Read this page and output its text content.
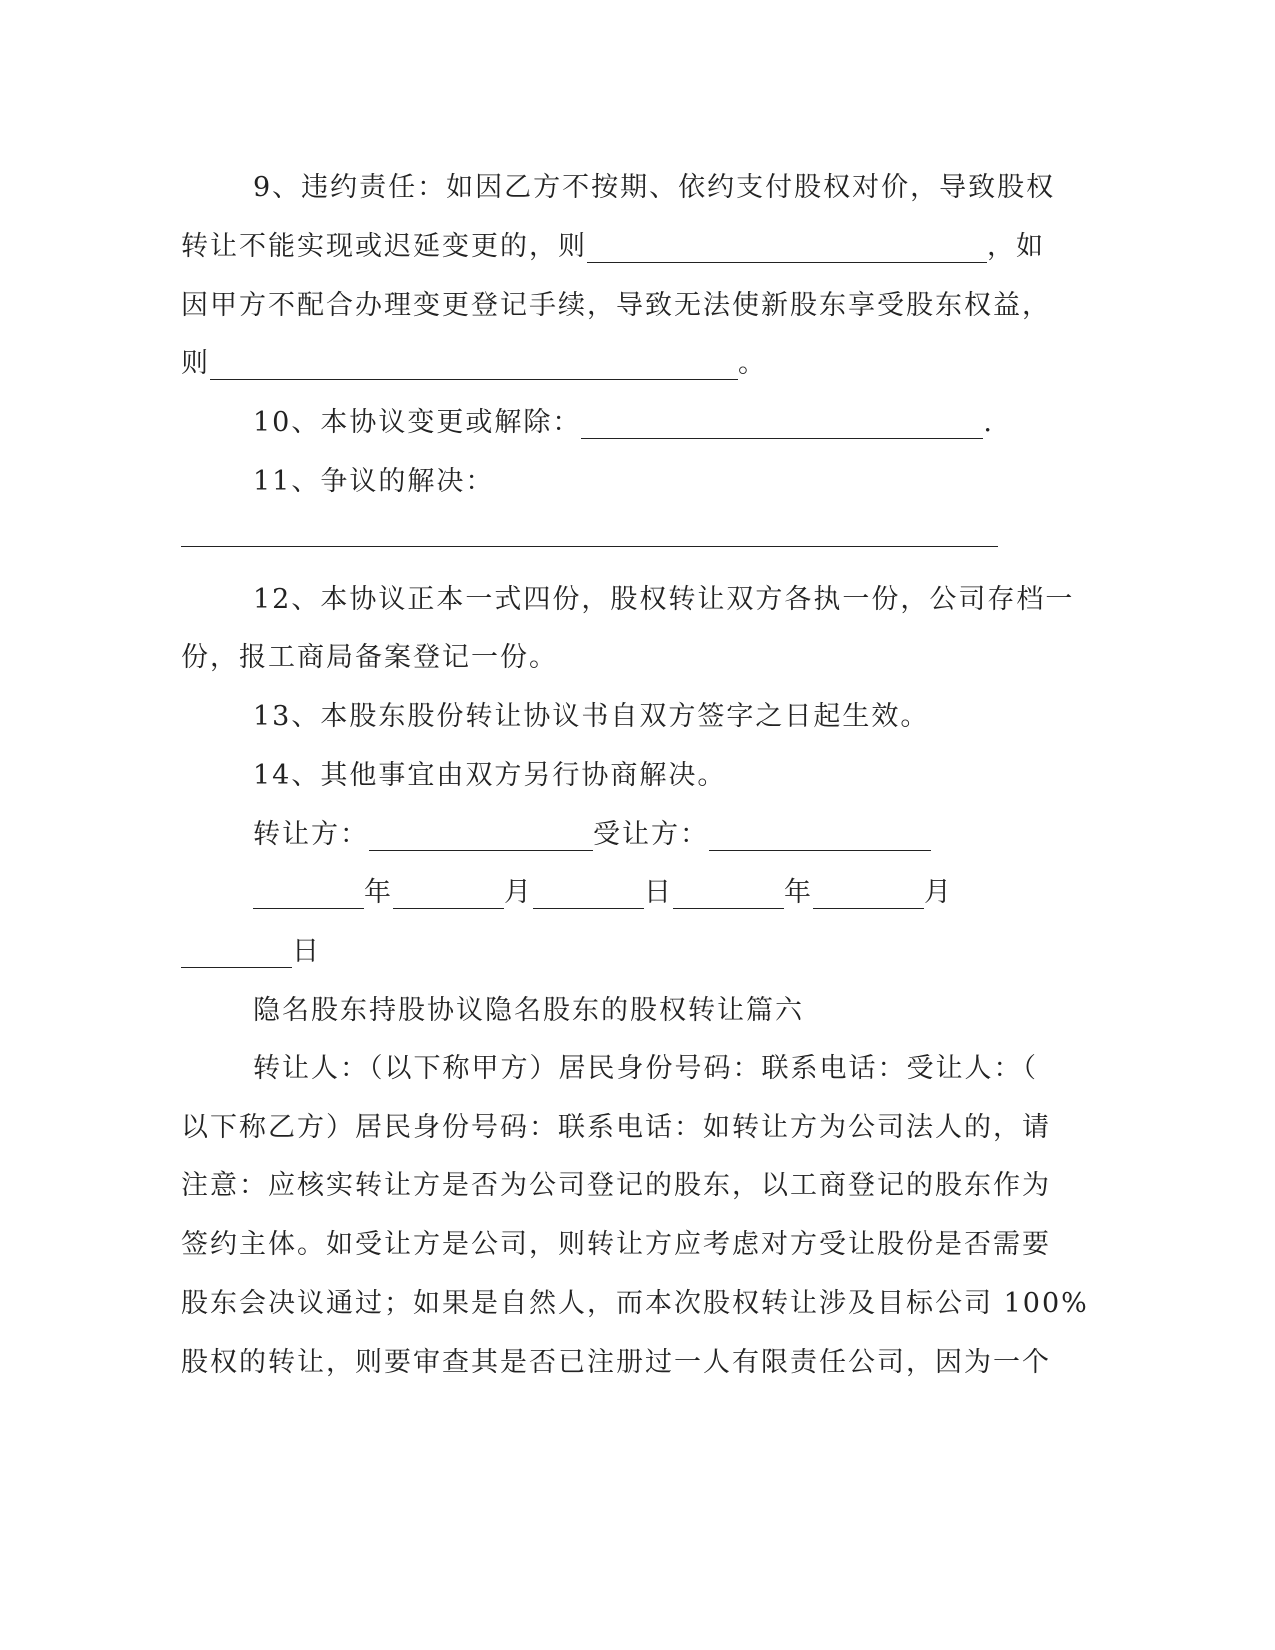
9、违约责任：如因乙方不按期、依约支付股权对价，导致股权
转让不能实现或迟延变更的，则	，如
因甲方不配合办理变更登记手续，导致无法使新股东享受股东权益，
则	。
10、本协议变更或解除：	.
11、争议的解决：
12、本协议正本一式四份，股权转让双方各执一份，公司存档一
份，报工商局备案登记一份。
13、本股东股份转让协议书自双方签字之日起生效。
14、其他事宜由双方另行协商解决。
转让方：	受让方：
年	月	日	年	月
日
隐名股东持股协议隐名股东的股权转让篇六
转让人：（以下称甲方）居民身份号码：联系电话：受让人：（
以下称乙方）居民身份号码：联系电话：如转让方为公司法人的，请
注意：应核实转让方是否为公司登记的股东，以工商登记的股东作为
签约主体。如受让方是公司，则转让方应考虑对方受让股份是否需要
股东会决议通过；如果是自然人，而本次股权转让涉及目标公司 100%
股权的转让，则要审查其是否已注册过一人有限责任公司，因为一个
